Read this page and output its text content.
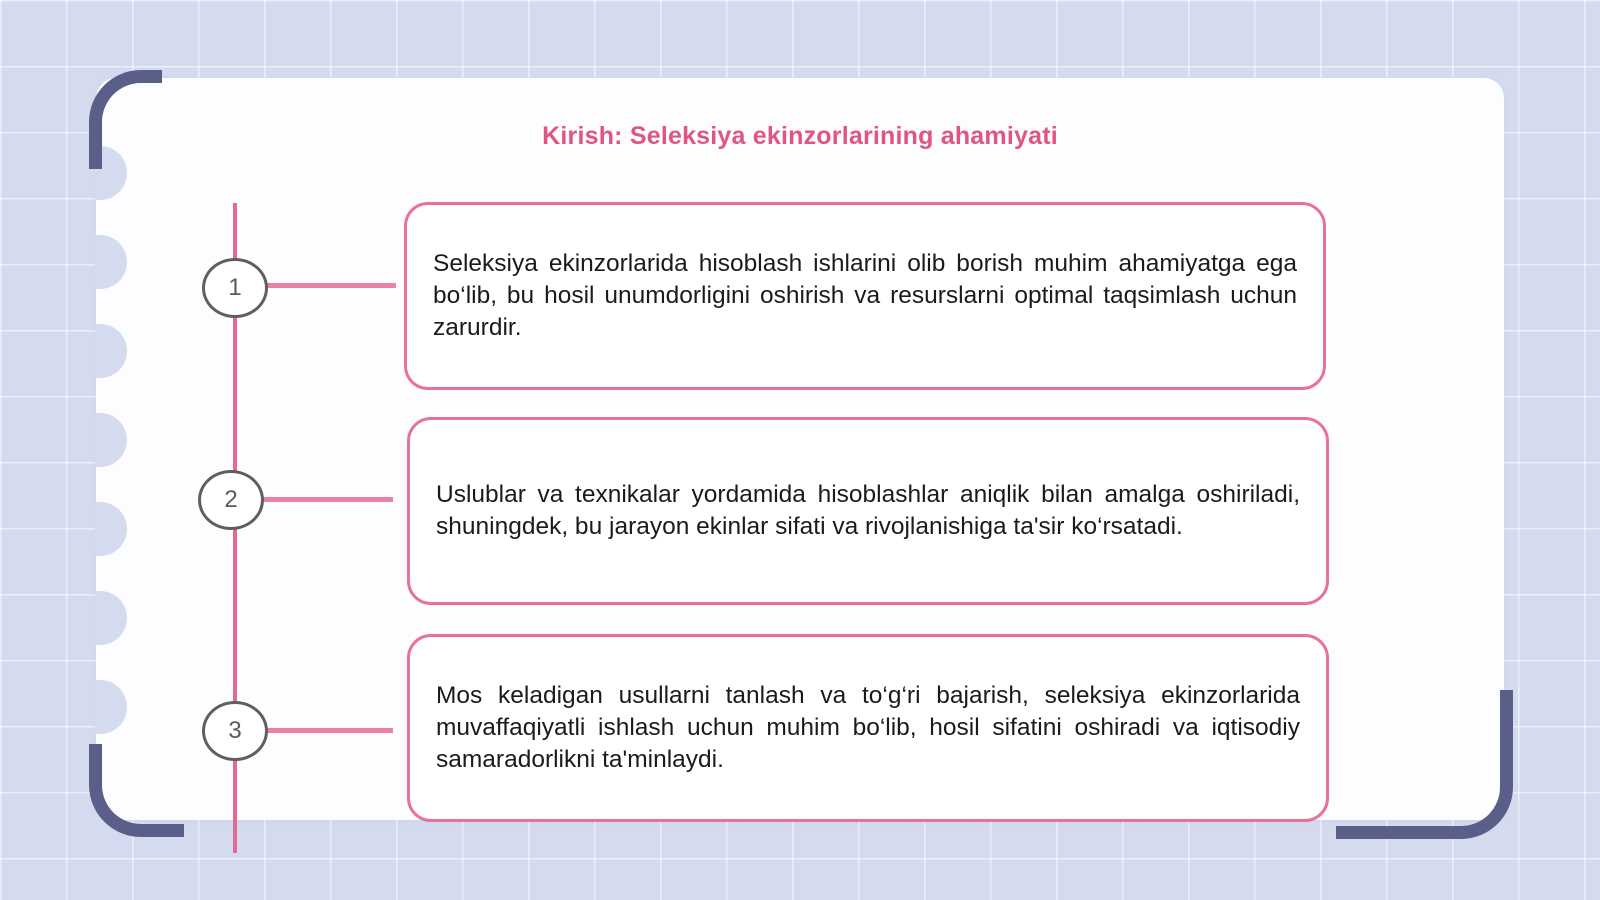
Kirish: Seleksiya ekinzorlarining ahamiyati
1

Seleksiya ekinzorlarida hisoblash ishlarini olib borish muhim ahamiyatga ega bo‘lib, bu hosil unumdorligini oshirish va resurslarni optimal taqsimlash uchun zarurdir.

2	Uslublar va texnikalar yordamida hisoblashlar aniqlik bilan amalga oshiriladi, shuningdek, bu jarayon ekinlar sifati va rivojlanishiga ta'sir ko‘rsatadi.

3

Mos keladigan usullarni tanlash va to‘g‘ri bajarish, seleksiya ekinzorlarida muvaffaqiyatli ishlash uchun muhim bo‘lib, hosil sifatini oshiradi va iqtisodiy samaradorlikni ta'minlaydi.
